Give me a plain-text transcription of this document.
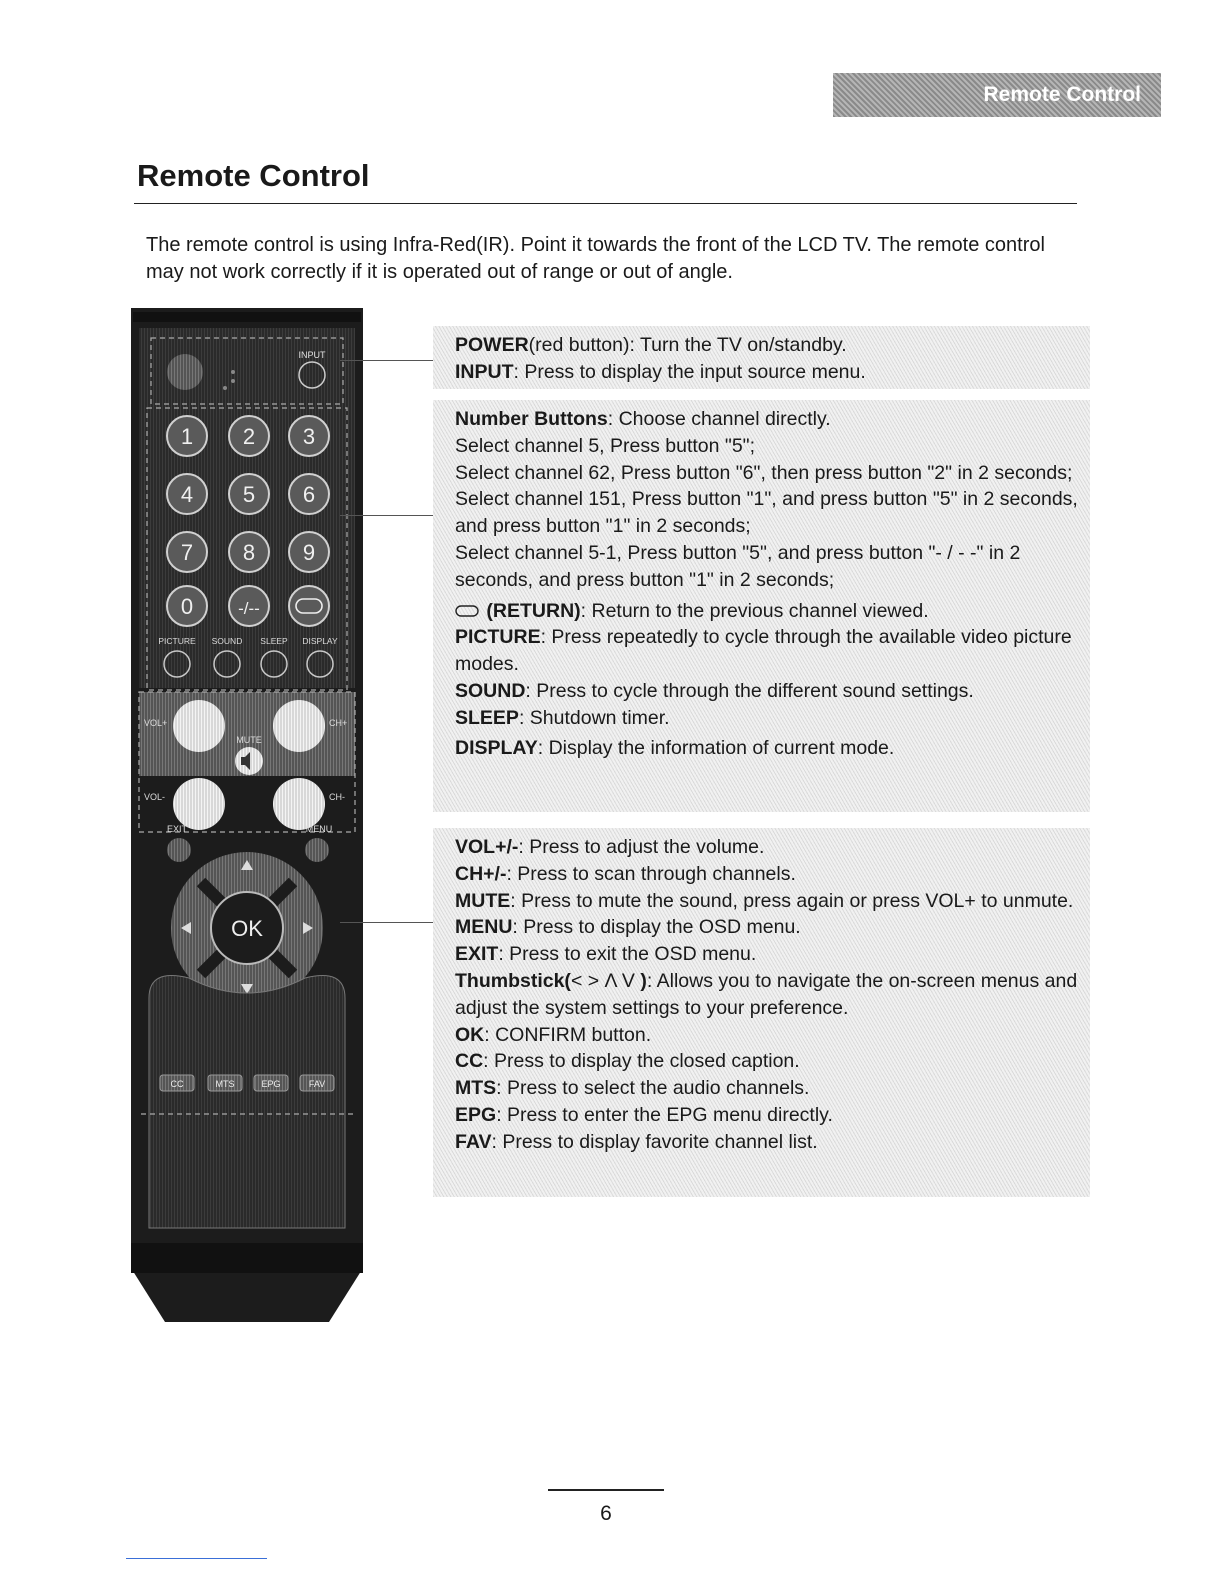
Remote Control
Remote Control

The remote control is using Infra-Red(IR). Point it towards the front of the LCD TV. The remote control may not work correctly if it is operated out of range or out of angle.

INPUT
1 2 3
4 5 6
7 8 9
0	-/--
PICTURE SOUND SLEEP DISPLAY
VOL+	CH+
VOL-	CH-
MUTE
EXIT	MENU
OK
CC	MTS	EPG	FAV

POWER(red button): Turn the TV on/standby.

INPUT: Press to display the input source menu.

Number Buttons: Choose channel directly.

Select channel 5, Press button "5";

Select channel 62, Press button "6", then press button "2" in 2 seconds;

Select channel 151, Press button "1", and press button "5" in 2 seconds, and press button "1" in 2 seconds;

Select channel 5-1, Press button "5", and press button "- / - -" in 2 seconds, and press button "1" in 2 seconds;

(RETURN): Return to the previous channel viewed.

PICTURE: Press repeatedly to cycle through the available video picture modes.

SOUND: Press to cycle through the different sound settings.

SLEEP: Shutdown timer.

DISPLAY: Display the information of current mode.

VOL+/-: Press to adjust the volume.

CH+/-: Press to scan through channels.

MUTE: Press to mute the sound, press again or press VOL+ to unmute.

MENU: Press to display the OSD menu.

EXIT: Press to exit the OSD menu.

Thumbstick(< > Λ V ): Allows you to navigate the on-screen menus and adjust the system settings to your preference.

OK: CONFIRM button.

CC: Press to display the closed caption.

MTS: Press to select the audio channels.

EPG: Press to enter the EPG menu directly.

FAV: Press to display favorite channel list.

6
